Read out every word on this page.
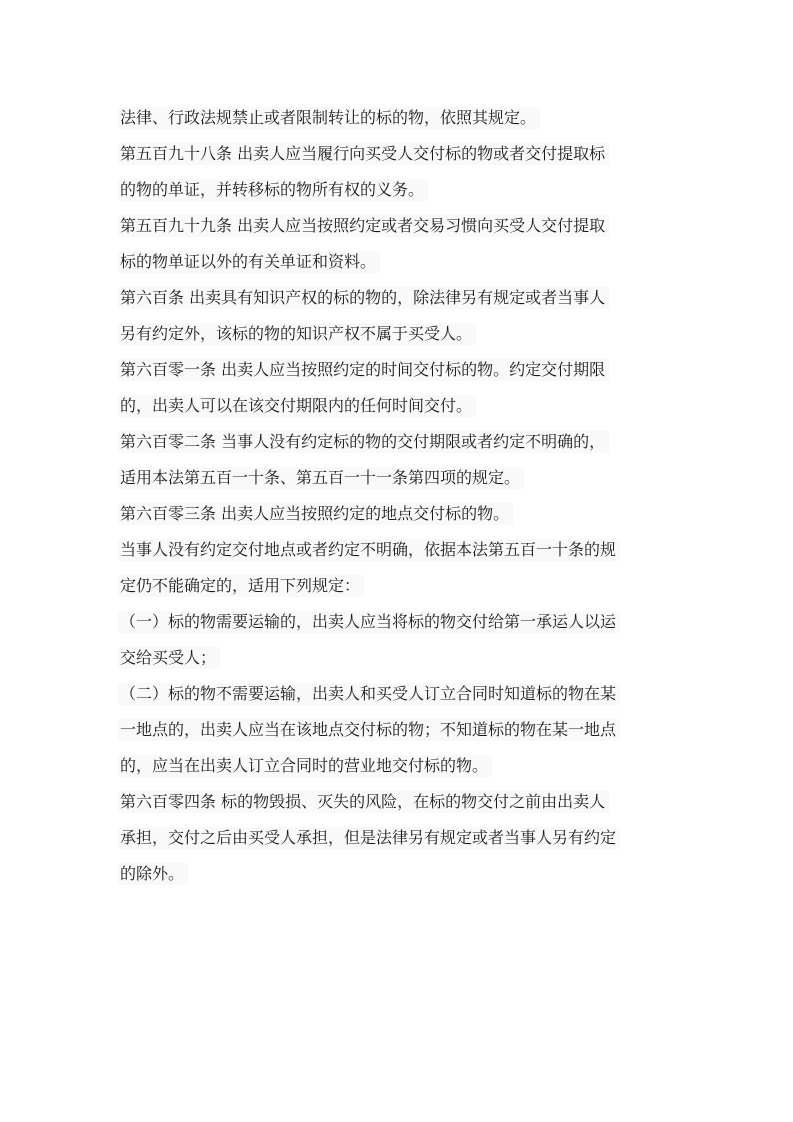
法律、行政法规禁止或者限制转让的标的物，依照其规定。
第五百九十八条 出卖人应当履行向买受人交付标的物或者交付提取标
的物的单证，并转移标的物所有权的义务。
第五百九十九条 出卖人应当按照约定或者交易习惯向买受人交付提取
标的物单证以外的有关单证和资料。
第六百条 出卖具有知识产权的标的物的，除法律另有规定或者当事人
另有约定外，该标的物的知识产权不属于买受人。
第六百零一条 出卖人应当按照约定的时间交付标的物。约定交付期限
的，出卖人可以在该交付期限内的任何时间交付。
第六百零二条 当事人没有约定标的物的交付期限或者约定不明确的，
适用本法第五百一十条、第五百一十一条第四项的规定。
第六百零三条 出卖人应当按照约定的地点交付标的物。
当事人没有约定交付地点或者约定不明确，依据本法第五百一十条的规
定仍不能确定的，适用下列规定：
（一）标的物需要运输的，出卖人应当将标的物交付给第一承运人以运
交给买受人；
（二）标的物不需要运输，出卖人和买受人订立合同时知道标的物在某
一地点的，出卖人应当在该地点交付标的物；不知道标的物在某一地点
的，应当在出卖人订立合同时的营业地交付标的物。
第六百零四条 标的物毁损、灭失的风险，在标的物交付之前由出卖人
承担，交付之后由买受人承担，但是法律另有规定或者当事人另有约定
的除外。
